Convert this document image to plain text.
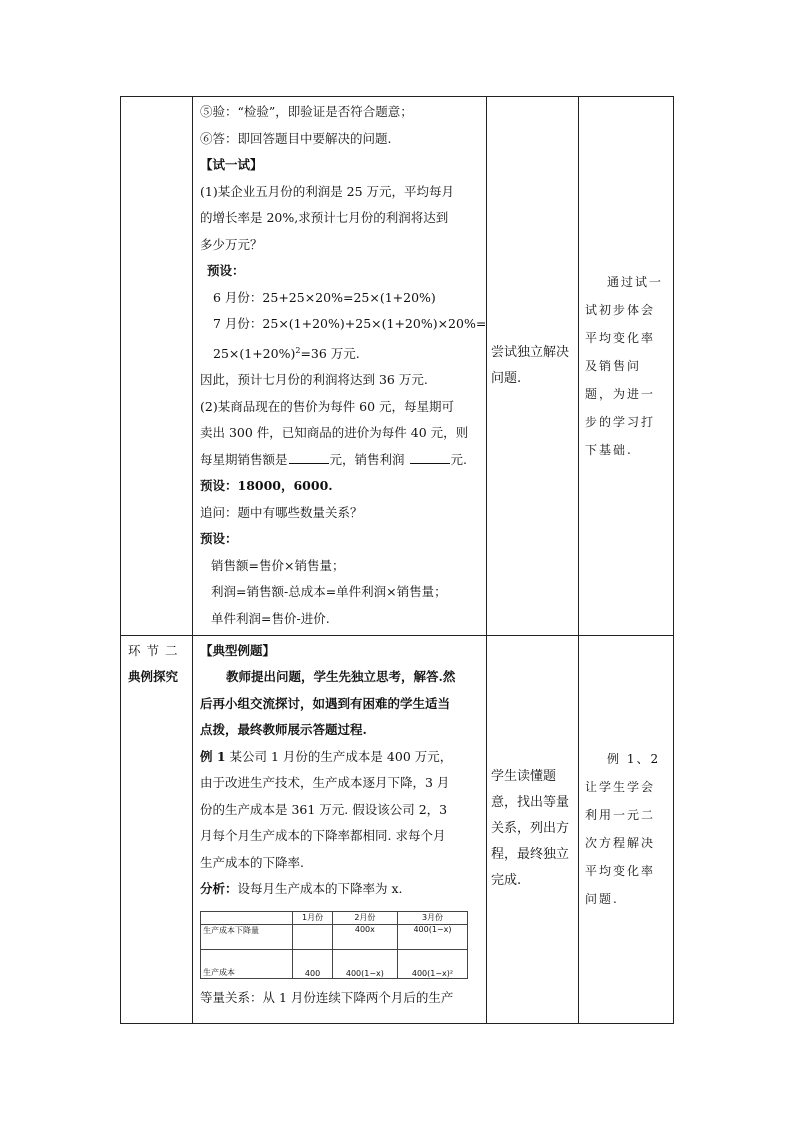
⑤验：“检验”，即验证是否符合题意；
⑥答：即回答题目中要解决的问题.
【试一试】
(1)某企业五月份的利润是 25 万元，平均每月
的增长率是 20%,求预计七月份的利润将达到
多少万元？
预设：
6 月份：25+25×20%=25×(1+20%)
7 月份：25×(1+20%)+25×(1+20%)×20%=
$25\times(1+20\%)^2=36$ 万元.
因此，预计七月份的利润将达到 36 万元.
(2)某商品现在的售价为每件 60 元，每星期可
卖出 300 件，已知商品的进价为每件 40 元，则
每星期销售额是	元，销售利润	元.
预设：18000，6000.
追问：题中有哪些数量关系？
预设：
销售额=售价×销售量；
利润=销售额-总成本=单件利润×销售量；
单件利润=售价-进价.
	尝试独立解决问题.	通过试一试初步体会平均变化率及销售问题，为进一步的学习打下基础.

环节二
典例探究

【典型例题】
教师提出问题，学生先独立思考，解答.然
后再小组交流探讨，如遇到有困难的学生适当
点拨，最终教师展示答题过程.
例 1 某公司 1 月份的生产成本是 400 万元，
由于改进生产技术，生产成本逐月下降，3 月
份的生产成本是 361 万元. 假设该公司 2，3
月每个月生产成本的下降率都相同. 求每个月
生产成本的下降率.
分析：设每月生产成本的下降率为 x.
	1月份	2月份	3月份
生产成本下降量		400x	400(1−x)
生产成本	400	400(1−x)	400(1−x)²
等量关系：从 1 月份连续下降两个月后的生产
	学生读懂题意，找出等量关系，列出方程，最终独立完成.	例 1、2 让学生学会利用一元二次方程解决平均变化率问题.
